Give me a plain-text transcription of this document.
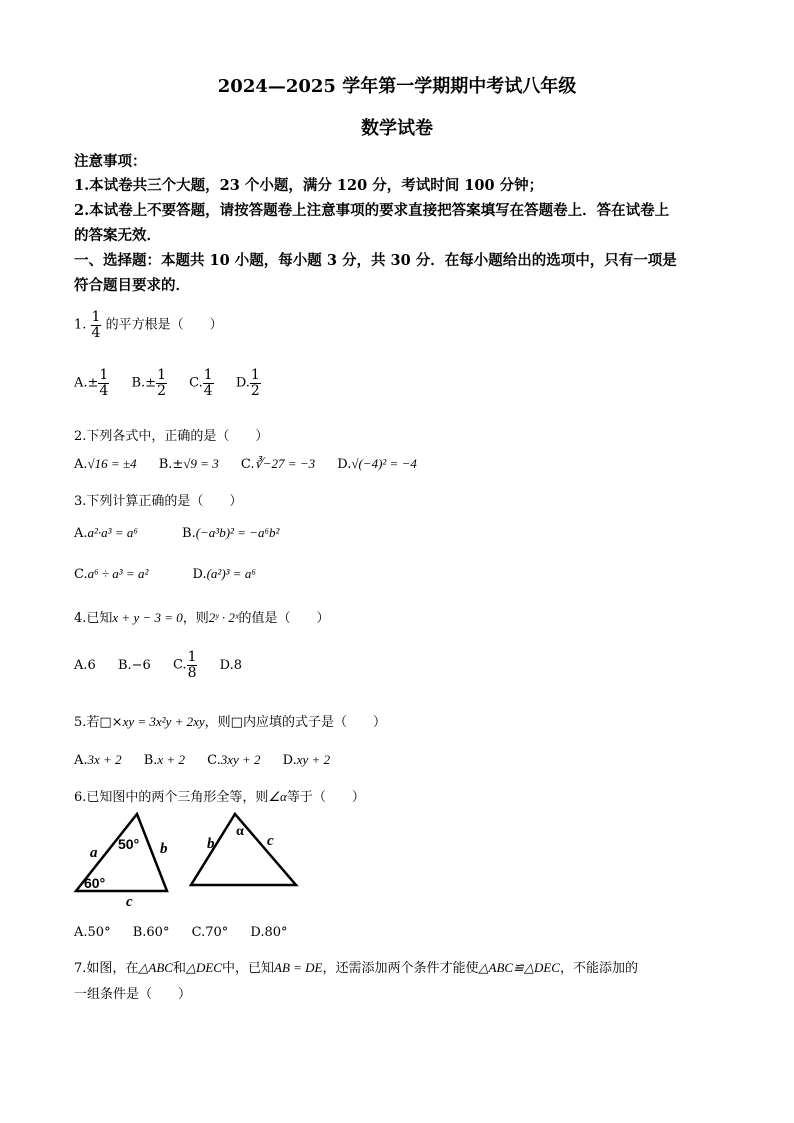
2024—2025 学年第一学期期中考试八年级
数学试卷
注意事项：
1.本试卷共三个大题，23 个小题，满分 120 分，考试时间 100 分钟；
2.本试卷上不要答题，请按答题卷上注意事项的要求直接把答案填写在答题卷上．答在试卷上
的答案无效．
一、选择题：本题共 10 小题，每小题 3 分，共 30 分．在每小题给出的选项中，只有一项是
符合题目要求的．
1. $\frac{1}{4}$ 的平方根是（　　）
$A.\pm \frac{1}{4} B.\pm \frac{1}{2} C$. $\frac{1}{4} D$. $\frac{1}{2}$
2.下列各式中，正确的是（　　）
A.√16 = ±4 B.±√9 = 3 C.∛−27 = −3 D.√(−4)² = −4
3.下列计算正确的是（　　）
A.a²·a³ = a⁶	B.(−a³b)² = −a⁶b²
C.a⁶ ÷ a³ = a²	D.(a²)³ = a⁶
4.已知x + y − 3 = 0，则2ʸ · 2ˣ的值是（　　）
A.6 B.−6 C. $\frac{1}{8} D.8$
5.若□×xy = 3x²y + 2xy，则□内应填的式子是（　　）
A.3x + 2 B.x + 2 C.3xy + 2 D.xy + 2
6.已知图中的两个三角形全等，则∠α等于（　　）
a
50° b
60°
c
b
α
c
A.50° B.60° C.70° D.80°
7.如图，在△ABC和△DEC中，已知AB = DE，还需添加两个条件才能使△ABC≌△DEC，不能添加的
一组条件是（　　）
